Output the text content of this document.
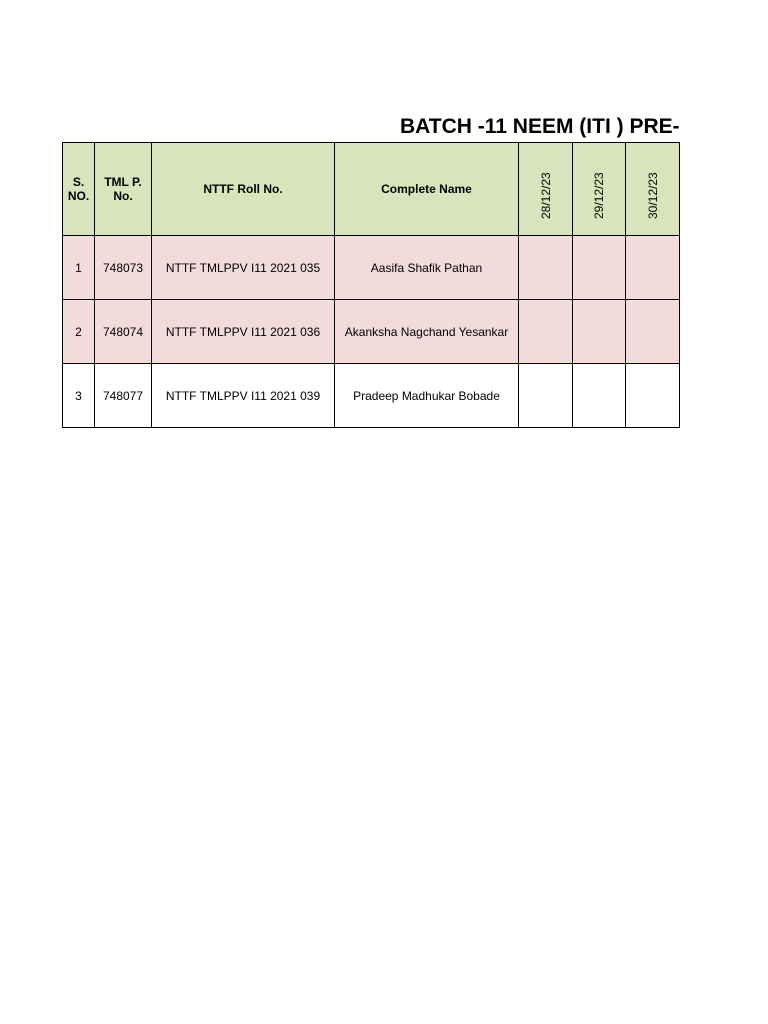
BATCH -11 NEEM (ITI ) PRE-
S. NO.	TML P. No.	NTTF Roll No.	Complete Name	28/12/23	29/12/23	30/12/23

1	748073	NTTF TMLPPV I11 2021 035	Aasifa Shafik Pathan			
2	748074	NTTF TMLPPV I11 2021 036	Akanksha Nagchand Yesankar			
3	748077	NTTF TMLPPV I11 2021 039	Pradeep Madhukar Bobade			
